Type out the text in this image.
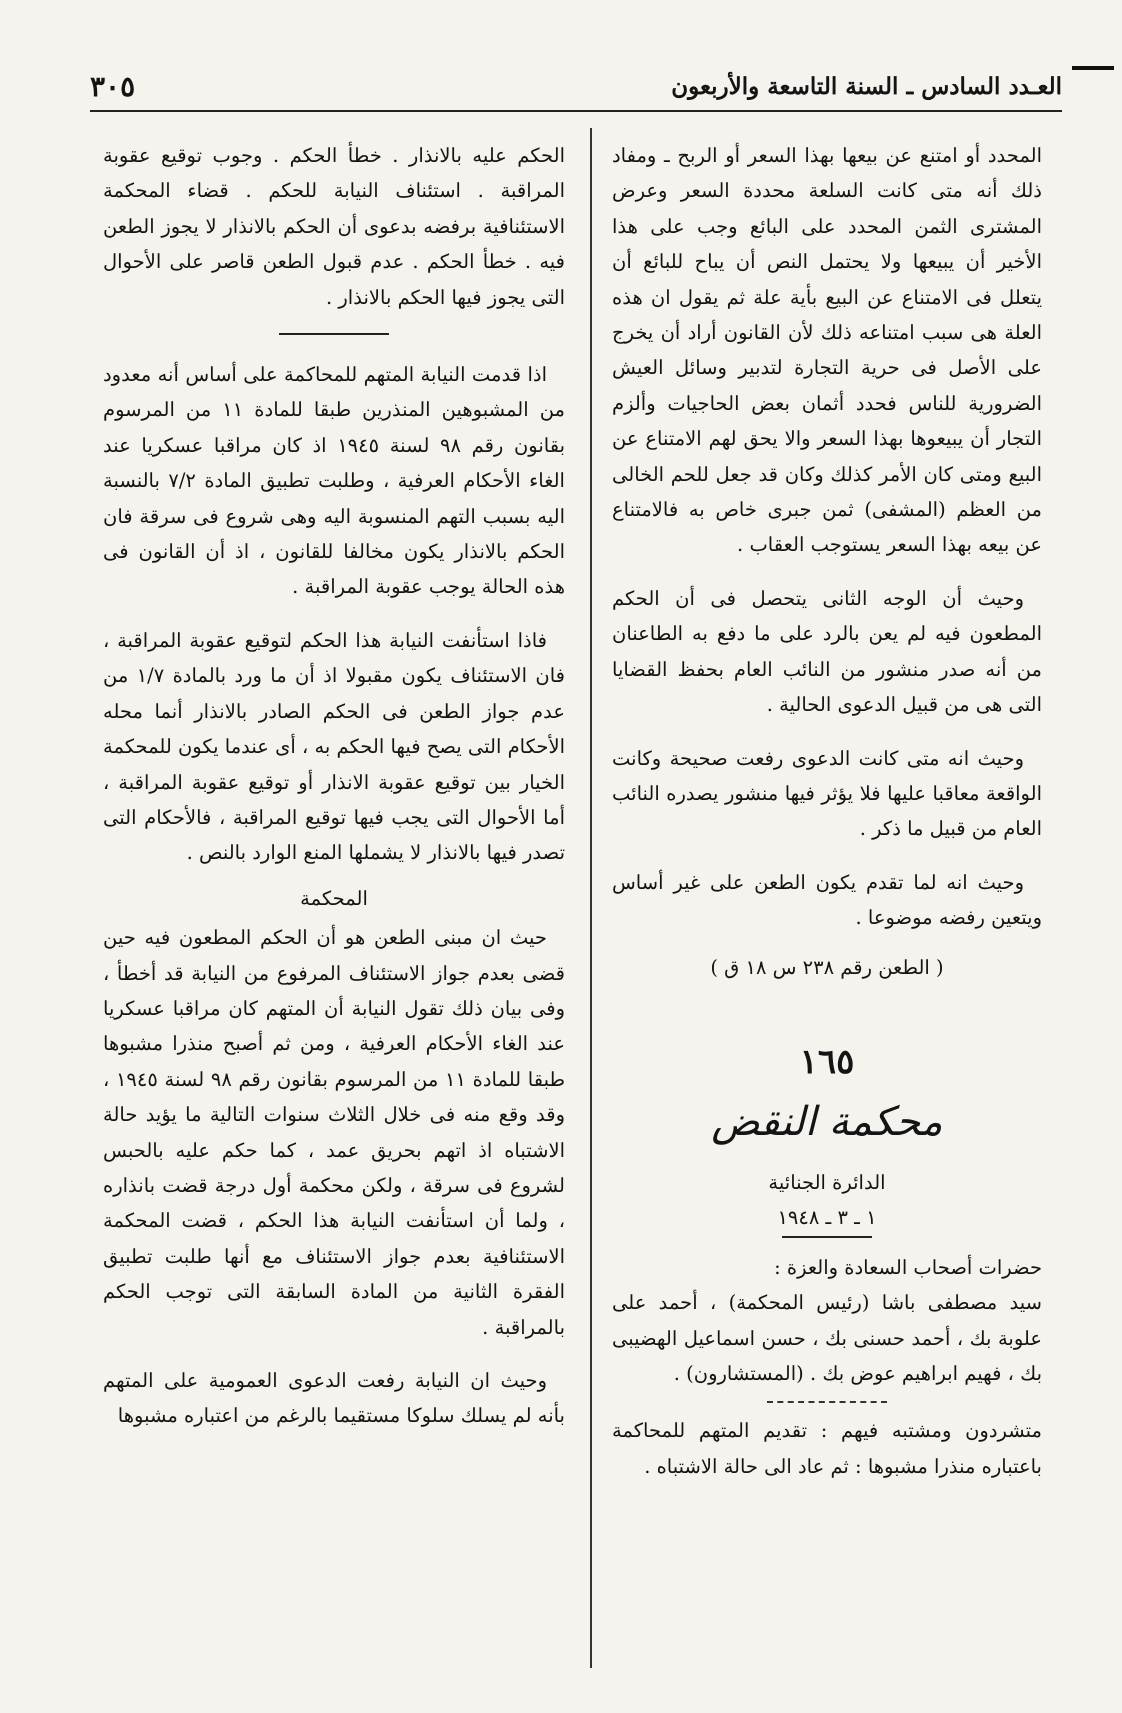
العـدد السادس ـ السنة التاسعة والأربعون
٣٠٥

المحدد أو امتنع عن بيعها بهذا السعر أو الربح ـ ومفاد ذلك أنه متى كانت السلعة محددة السعر وعرض المشترى الثمن المحدد على البائع وجب على هذا الأخير أن يبيعها ولا يحتمل النص أن يباح للبائع أن يتعلل فى الامتناع عن البيع بأية علة ثم يقول ان هذه العلة هى سبب امتناعه ذلك لأن القانون أراد أن يخرج على الأصل فى حرية التجارة لتدبير وسائل العيش الضرورية للناس فحدد أثمان بعض الحاجيات وألزم التجار أن يبيعوها بهذا السعر والا يحق لهم الامتناع عن البيع ومتى كان الأمر كذلك وكان قد جعل للحم الخالى من العظم (المشفى) ثمن جبرى خاص به فالامتناع عن بيعه بهذا السعر يستوجب العقاب .

وحيث أن الوجه الثانى يتحصل فى أن الحكم المطعون فيه لم يعن بالرد على ما دفع به الطاعنان من أنه صدر منشور من النائب العام بحفظ القضايا التى هى من قبيل الدعوى الحالية .

وحيث انه متى كانت الدعوى رفعت صحيحة وكانت الواقعة معاقبا عليها فلا يؤثر فيها منشور يصدره النائب العام من قبيل ما ذكر .

وحيث انه لما تقدم يكون الطعن على غير أساس ويتعين رفضه موضوعا .

( الطعن رقم ٢٣٨ س ١٨ ق )
١٦٥
محكمة النقض
الدائرة الجنائية
١ ـ ٣ ـ ١٩٤٨

حضرات أصحاب السعادة والعزة :

سيد مصطفى باشا (رئيس المحكمة) ، أحمد على علوبة بك ، أحمد حسنى بك ، حسن اسماعيل الهضيبى بك ، فهيم ابراهيم عوض بك . (المستشارون) .

متشردون ومشتبه فيهم : تقديم المتهم للمحاكمة باعتباره منذرا مشبوها : ثم عاد الى حالة الاشتباه .

الحكم عليه بالانذار . خطأ الحكم . وجوب توقيع عقوبة المراقبة . استئناف النيابة للحكم . قضاء المحكمة الاستئنافية برفضه بدعوى أن الحكم بالانذار لا يجوز الطعن فيه . خطأ الحكم . عدم قبول الطعن قاصر على الأحوال التى يجوز فيها الحكم بالانذار .

اذا قدمت النيابة المتهم للمحاكمة على أساس أنه معدود من المشبوهين المنذرين طبقا للمادة ١١ من المرسوم بقانون رقم ٩٨ لسنة ١٩٤٥ اذ كان مراقبا عسكريا عند الغاء الأحكام العرفية ، وطلبت تطبيق المادة ٧/٢ بالنسبة اليه بسبب التهم المنسوبة اليه وهى شروع فى سرقة فان الحكم بالانذار يكون مخالفا للقانون ، اذ أن القانون فى هذه الحالة يوجب عقوبة المراقبة .

فاذا استأنفت النيابة هذا الحكم لتوقيع عقوبة المراقبة ، فان الاستئناف يكون مقبولا اذ أن ما ورد بالمادة ١/٧ من عدم جواز الطعن فى الحكم الصادر بالانذار أنما محله الأحكام التى يصح فيها الحكم به ، أى عندما يكون للمحكمة الخيار بين توقيع عقوبة الانذار أو توقيع عقوبة المراقبة ، أما الأحوال التى يجب فيها توقيع المراقبة ، فالأحكام التى تصدر فيها بالانذار لا يشملها المنع الوارد بالنص .

المحكمة

حيث ان مبنى الطعن هو أن الحكم المطعون فيه حين قضى بعدم جواز الاستئناف المرفوع من النيابة قد أخطأ ، وفى بيان ذلك تقول النيابة أن المتهم كان مراقبا عسكريا عند الغاء الأحكام العرفية ، ومن ثم أصبح منذرا مشبوها طبقا للمادة ١١ من المرسوم بقانون رقم ٩٨ لسنة ١٩٤٥ ، وقد وقع منه فى خلال الثلاث سنوات التالية ما يؤيد حالة الاشتباه اذ اتهم بحريق عمد ، كما حكم عليه بالحبس لشروع فى سرقة ، ولكن محكمة أول درجة قضت بانذاره ، ولما أن استأنفت النيابة هذا الحكم ، قضت المحكمة الاستئنافية بعدم جواز الاستئناف مع أنها طلبت تطبيق الفقرة الثانية من المادة السابقة التى توجب الحكم بالمراقبة .

وحيث ان النيابة رفعت الدعوى العمومية على المتهم بأنه لم يسلك سلوكا مستقيما بالرغم من اعتباره مشبوها
